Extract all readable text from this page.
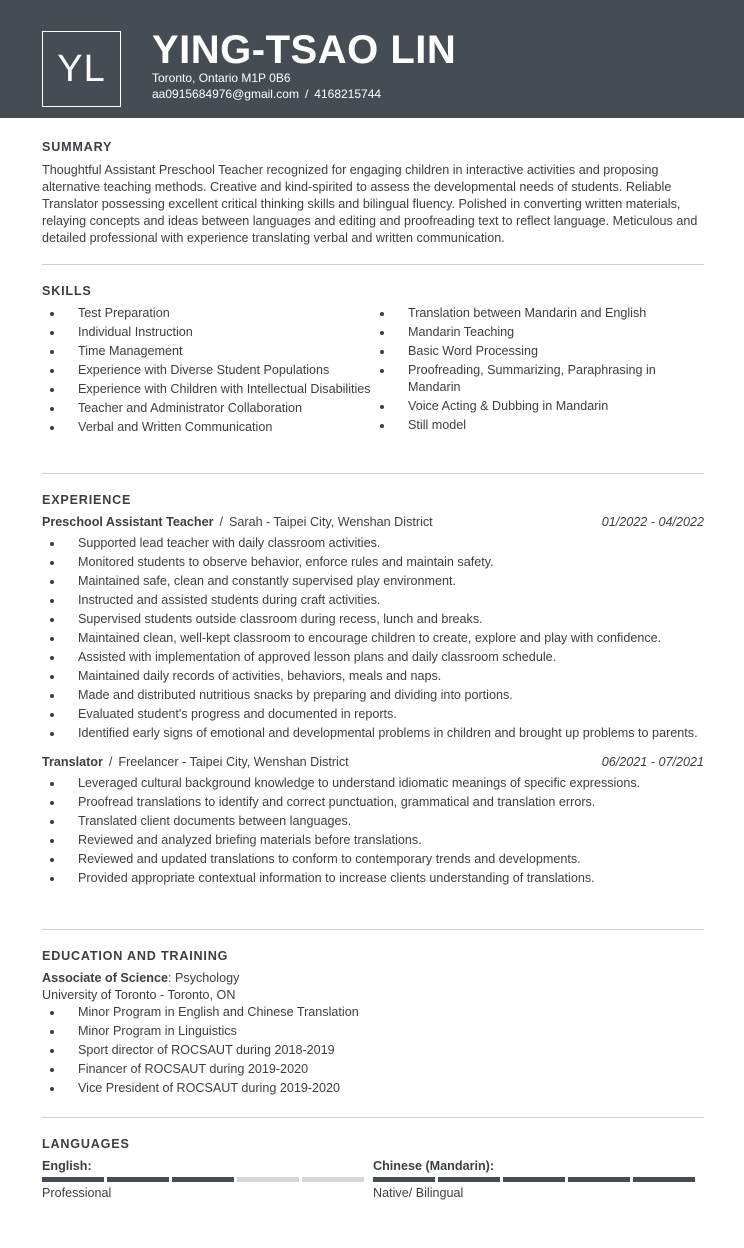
YL	YING-TSAO LIN
Toronto, Ontario M1P 0B6
aa0915684976@gmail.com / 4168215744
SUMMARY

Thoughtful Assistant Preschool Teacher recognized for engaging children in interactive activities and proposing alternative teaching methods. Creative and kind-spirited to assess the developmental needs of students. Reliable Translator possessing excellent critical thinking skills and bilingual fluency. Polished in converting written materials, relaying concepts and ideas between languages and editing and proofreading text to reflect language. Meticulous and detailed professional with experience translating verbal and written communication.

SKILLS
Test Preparation
Individual Instruction
Time Management
Experience with Diverse Student Populations
Experience with Children with Intellectual Disabilities
Teacher and Administrator Collaboration
Verbal and Written Communication
Translation between Mandarin and English
Mandarin Teaching
Basic Word Processing
Proofreading, Summarizing, Paraphrasing in Mandarin
Voice Acting & Dubbing in Mandarin
Still model
EXPERIENCE
Preschool Assistant Teacher / Sarah - Taipei City, Wenshan District	01/2022 - 04/2022
Supported lead teacher with daily classroom activities.
Monitored students to observe behavior, enforce rules and maintain safety.
Maintained safe, clean and constantly supervised play environment.
Instructed and assisted students during craft activities.
Supervised students outside classroom during recess, lunch and breaks.
Maintained clean, well-kept classroom to encourage children to create, explore and play with confidence.
Assisted with implementation of approved lesson plans and daily classroom schedule.
Maintained daily records of activities, behaviors, meals and naps.
Made and distributed nutritious snacks by preparing and dividing into portions.
Evaluated student's progress and documented in reports.
Identified early signs of emotional and developmental problems in children and brought up problems to parents.
Translator / Freelancer - Taipei City, Wenshan District	06/2021 - 07/2021
Leveraged cultural background knowledge to understand idiomatic meanings of specific expressions.
Proofread translations to identify and correct punctuation, grammatical and translation errors.
Translated client documents between languages.
Reviewed and analyzed briefing materials before translations.
Reviewed and updated translations to conform to contemporary trends and developments.
Provided appropriate contextual information to increase clients understanding of translations.
EDUCATION AND TRAINING
Associate of Science: Psychology
University of Toronto - Toronto, ON
Minor Program in English and Chinese Translation
Minor Program in Linguistics
Sport director of ROCSAUT during 2018-2019
Financer of ROCSAUT during 2019-2020
Vice President of ROCSAUT during 2019-2020
LANGUAGES
English:
Professional
Chinese (Mandarin):
Native/ Bilingual
